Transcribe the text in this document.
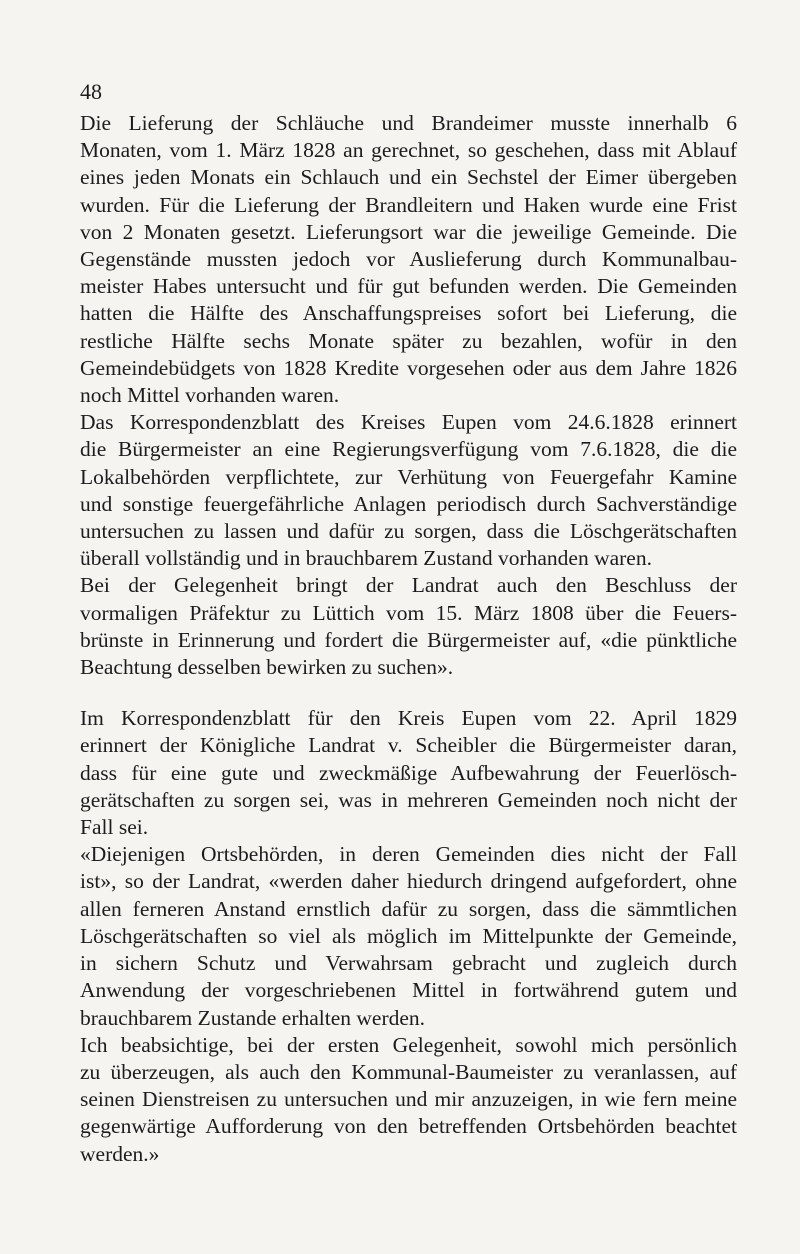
48
Die Lieferung der Schläuche und Brandeimer musste innerhalb 6
Monaten, vom 1. März 1828 an gerechnet, so geschehen, dass mit Ablauf
eines jeden Monats ein Schlauch und ein Sechstel der Eimer übergeben
wurden. Für die Lieferung der Brandleitern und Haken wurde eine Frist
von 2 Monaten gesetzt. Lieferungsort war die jeweilige Gemeinde. Die
Gegenstände mussten jedoch vor Auslieferung durch Kommunalbau-
meister Habes untersucht und für gut befunden werden. Die Gemeinden
hatten die Hälfte des Anschaffungspreises sofort bei Lieferung, die
restliche Hälfte sechs Monate später zu bezahlen, wofür in den
Gemeindebüdgets von 1828 Kredite vorgesehen oder aus dem Jahre 1826
noch Mittel vorhanden waren.
Das Korrespondenzblatt des Kreises Eupen vom 24.6.1828 erinnert
die Bürgermeister an eine Regierungsverfügung vom 7.6.1828, die die
Lokalbehörden verpflichtete, zur Verhütung von Feuergefahr Kamine
und sonstige feuergefährliche Anlagen periodisch durch Sachverständige
untersuchen zu lassen und dafür zu sorgen, dass die Löschgerätschaften
überall vollständig und in brauchbarem Zustand vorhanden waren.
Bei der Gelegenheit bringt der Landrat auch den Beschluss der
vormaligen Präfektur zu Lüttich vom 15. März 1808 über die Feuers-
brünste in Erinnerung und fordert die Bürgermeister auf, «die pünktliche
Beachtung desselben bewirken zu suchen».
Im Korrespondenzblatt für den Kreis Eupen vom 22. April 1829
erinnert der Königliche Landrat v. Scheibler die Bürgermeister daran,
dass für eine gute und zweckmäßige Aufbewahrung der Feuerlösch-
gerätschaften zu sorgen sei, was in mehreren Gemeinden noch nicht der
Fall sei.
«Diejenigen Ortsbehörden, in deren Gemeinden dies nicht der Fall
ist», so der Landrat, «werden daher hiedurch dringend aufgefordert, ohne
allen ferneren Anstand ernstlich dafür zu sorgen, dass die sämmtlichen
Löschgerätschaften so viel als möglich im Mittelpunkte der Gemeinde,
in sichern Schutz und Verwahrsam gebracht und zugleich durch
Anwendung der vorgeschriebenen Mittel in fortwährend gutem und
brauchbarem Zustande erhalten werden.
Ich beabsichtige, bei der ersten Gelegenheit, sowohl mich persönlich
zu überzeugen, als auch den Kommunal-Baumeister zu veranlassen, auf
seinen Dienstreisen zu untersuchen und mir anzuzeigen, in wie fern meine
gegenwärtige Aufforderung von den betreffenden Ortsbehörden beachtet
werden.»
